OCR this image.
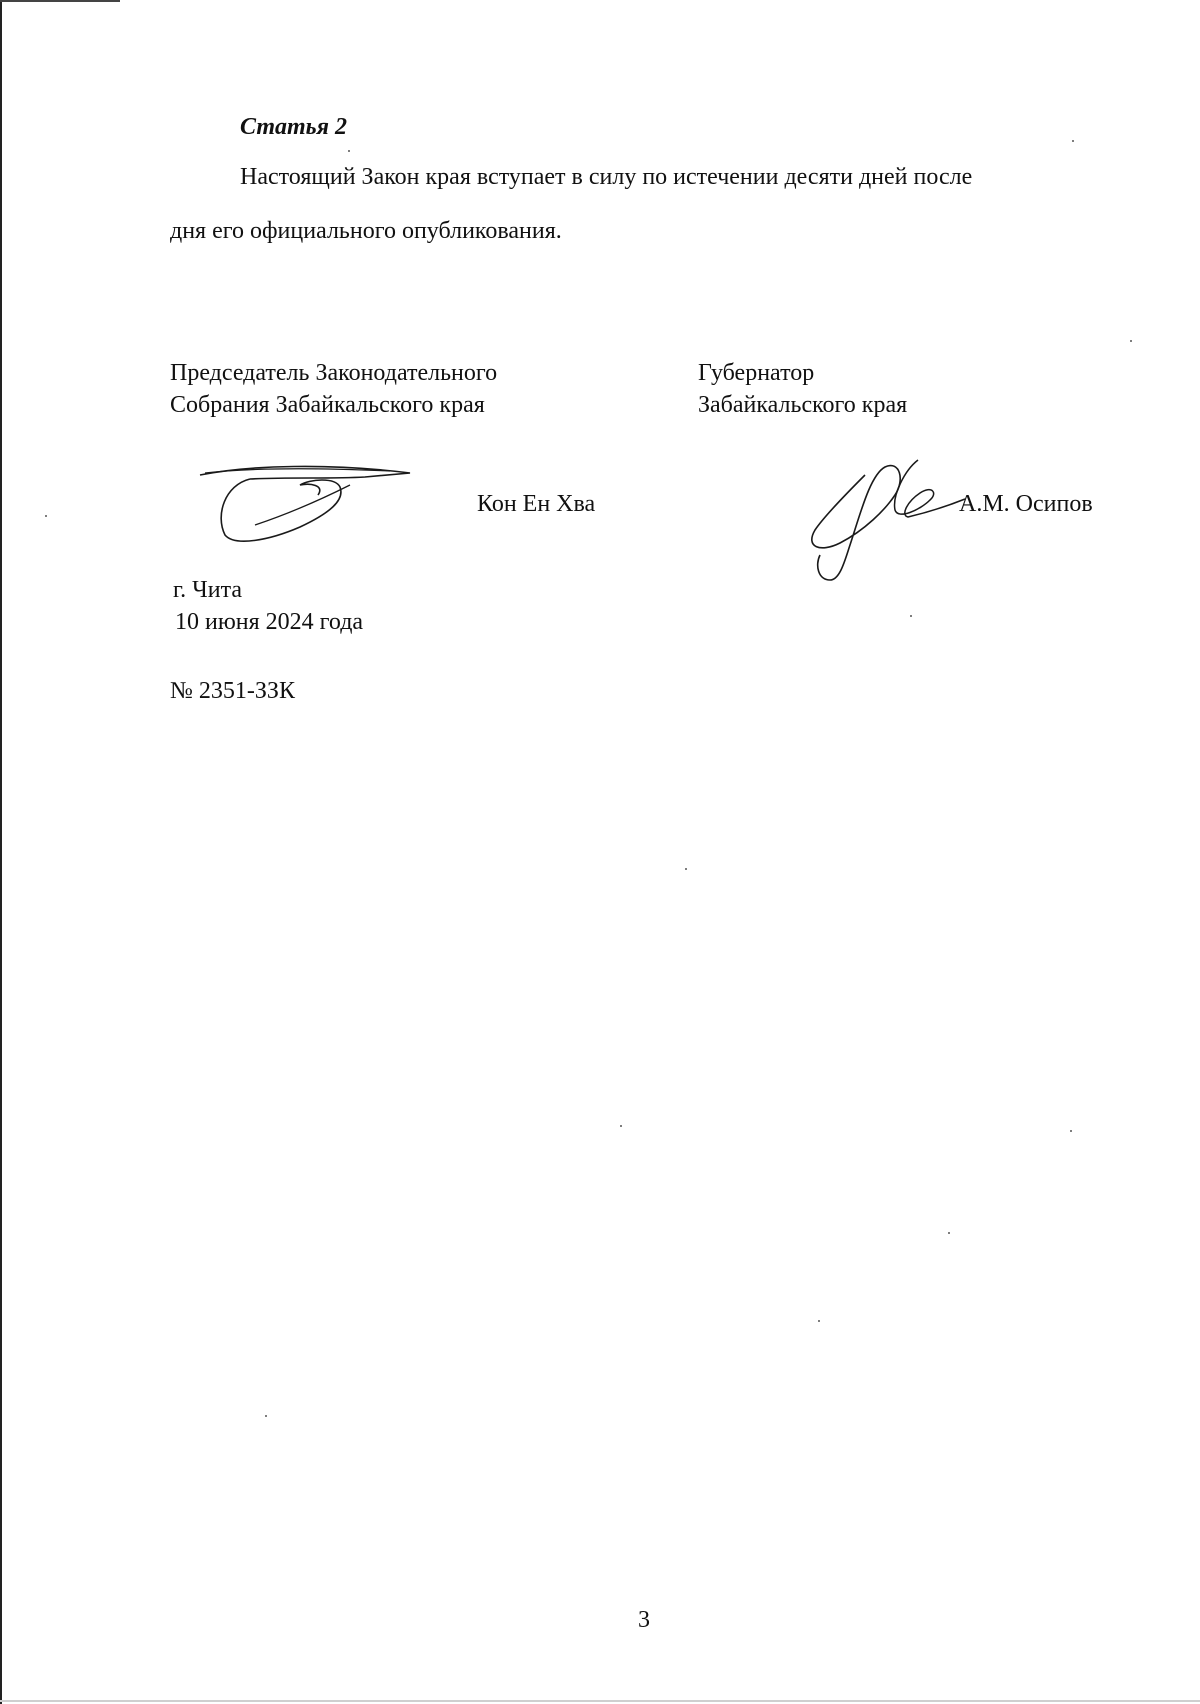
Статья 2
Настоящий Закон края вступает в силу по истечении десяти дней после
дня его официального опубликования.
Председатель Законодательного
Собрания Забайкальского края
Губернатор
Забайкальского края
Кон Ен Хва	А.М. Осипов
г. Чита
10 июня 2024 года
№ 2351-ЗЗК
3
